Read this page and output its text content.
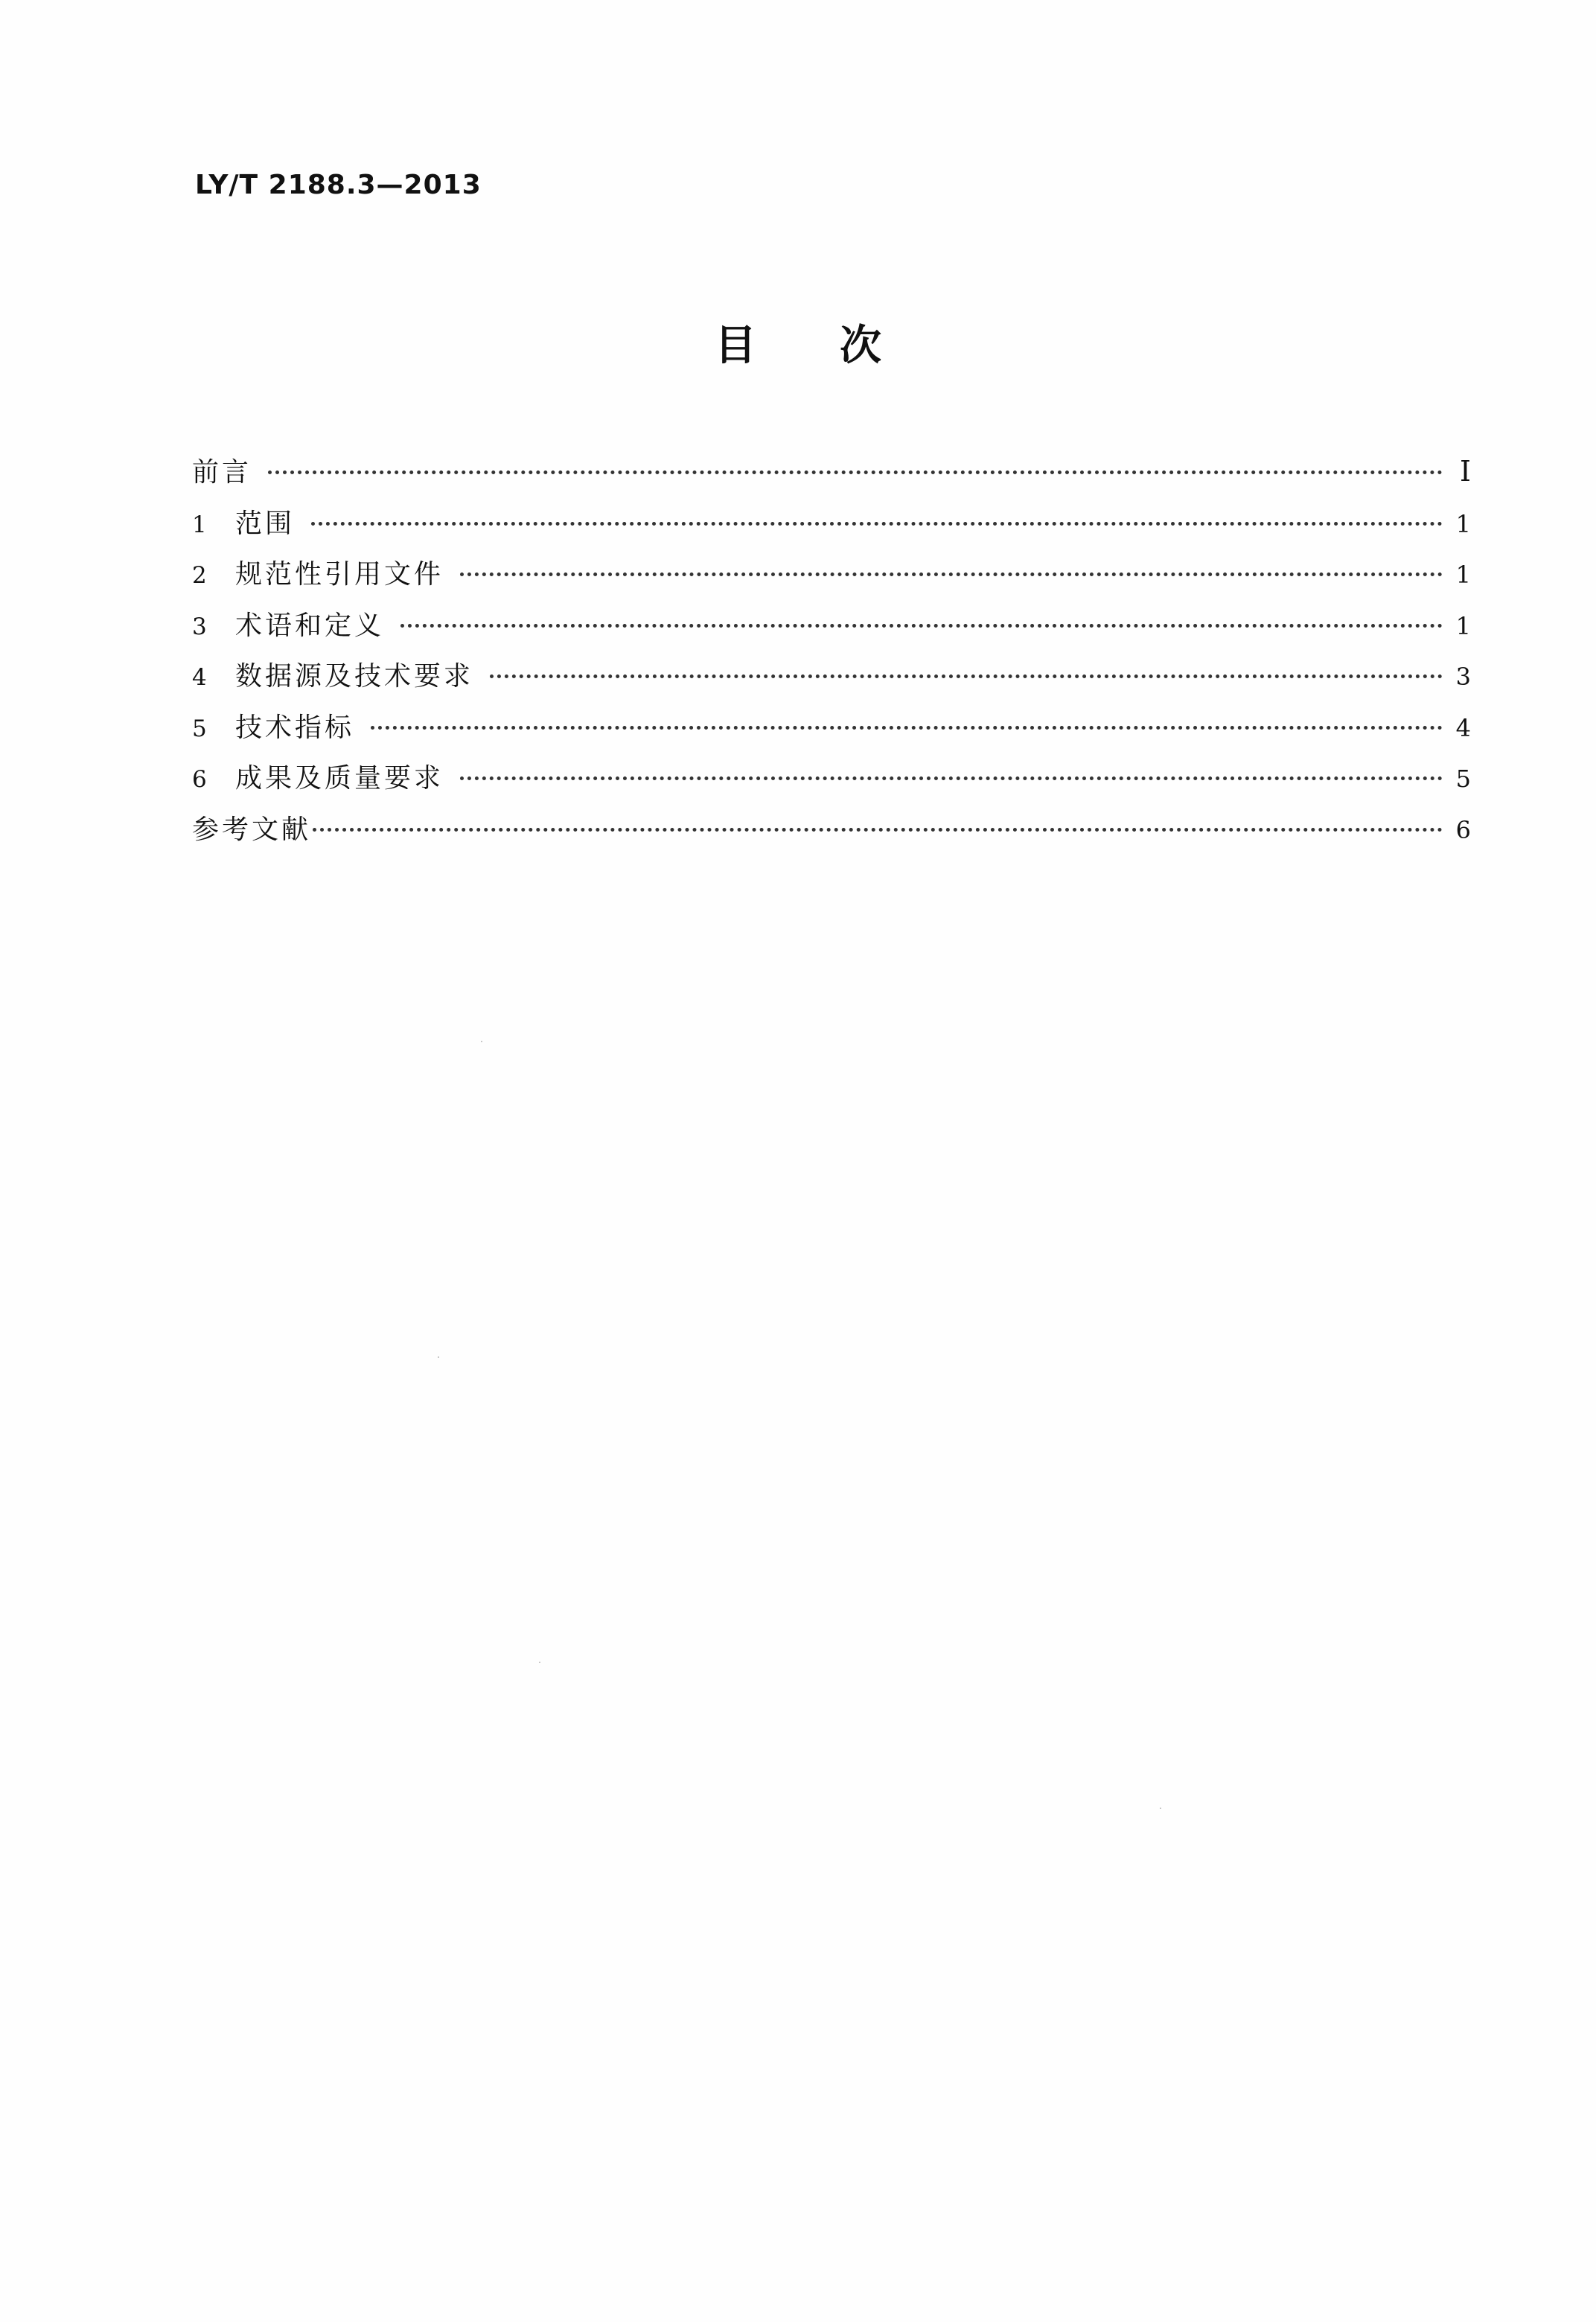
LY/T 2188.3—2013
目次
前言	I
1	范围	1
2	规范性引用文件	1
3	术语和定义	1
4	数据源及技术要求	3
5	技术指标	4
6	成果及质量要求	5
参考文献	6
